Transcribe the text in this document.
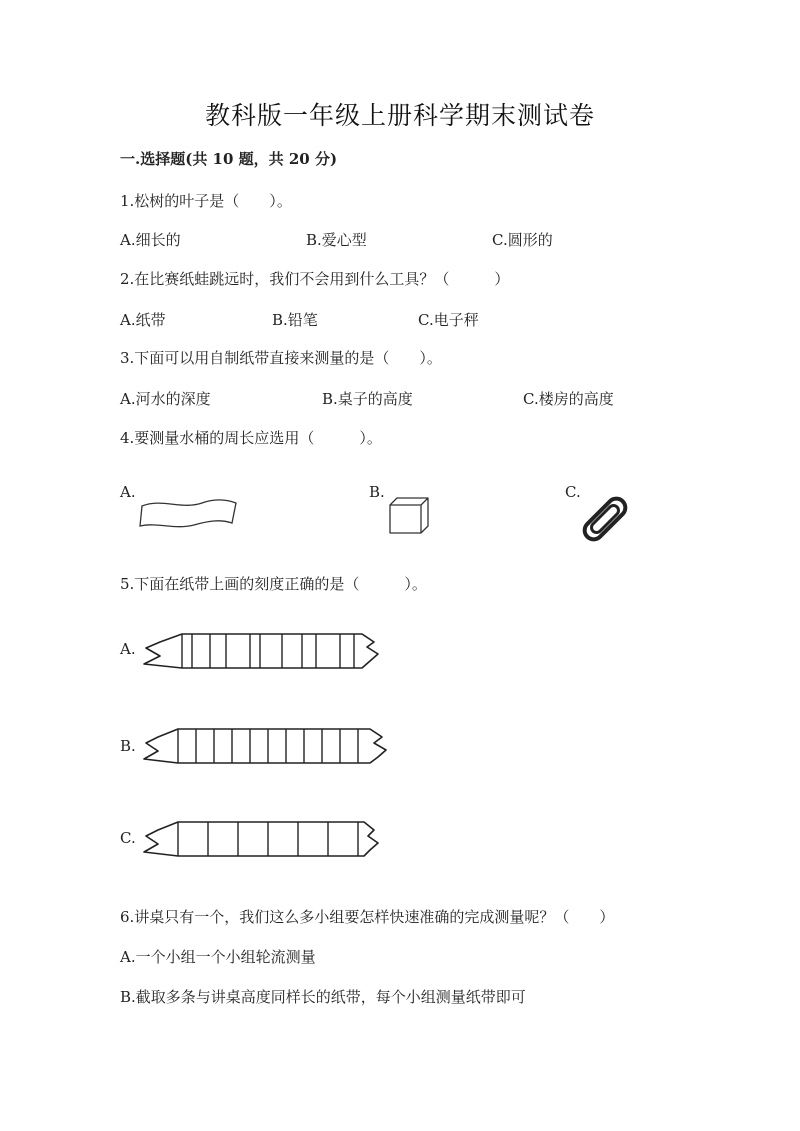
教科版一年级上册科学期末测试卷
一.选择题(共 10 题，共 20 分)
1.松树的叶子是（　　）。
A.细长的	B.爱心型	C.圆形的
2.在比赛纸蛙跳远时，我们不会用到什么工具？（　　　）
A.纸带	B.铅笔	C.电子秤
3.下面可以用自制纸带直接来测量的是（　　）。
A.河水的深度	B.桌子的高度	C.楼房的高度
4.要测量水桶的周长应选用（　　　）。
A.	B.	C.
5.下面在纸带上画的刻度正确的是（　　　）。
A.
B.
C.
6.讲桌只有一个，我们这么多小组要怎样快速准确的完成测量呢？（　　）
A.一个小组一个小组轮流测量
B.截取多条与讲桌高度同样长的纸带，每个小组测量纸带即可
